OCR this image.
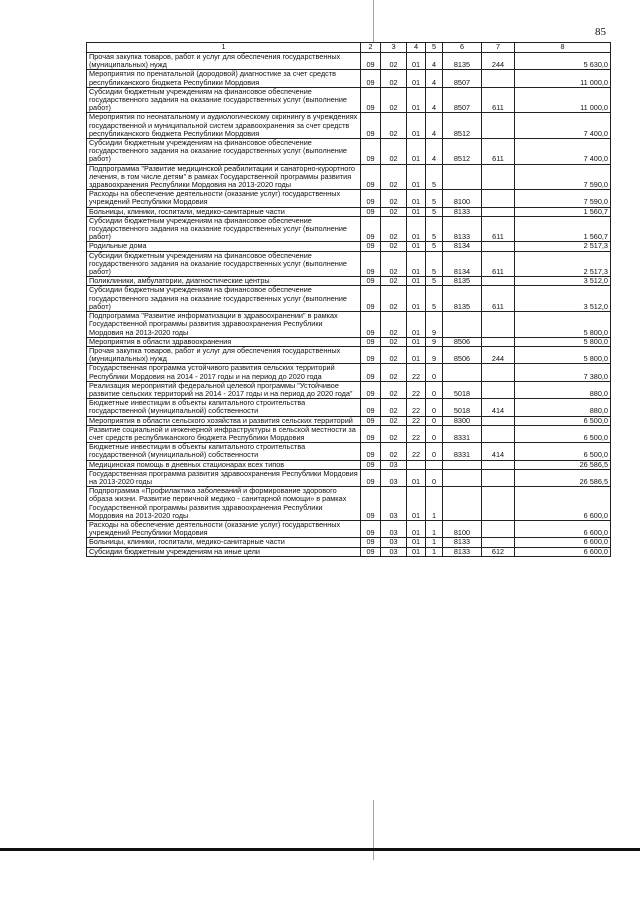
85
1	2	3	4	5	6	7	8
Прочая закупка товаров, работ и услуг для обеспечения государственных (муниципальных) нужд	09	02	01	4	8135	244	5 630,0
Мероприятия по пренатальной (дородовой) диагностике за счет средств республиканского бюджета Республики Мордовия	09	02	01	4	8507		11 000,0
Субсидии бюджетным учреждениям на финансовое обеспечение государственного задания на оказание государственных услуг (выполнение работ)	09	02	01	4	8507	611	11 000,0
Мероприятия по неонатальному и аудиологическому скринингу в учреждениях государственной и муниципальной систем здравоохранения за счет средств республиканского бюджета Республики Мордовия	09	02	01	4	8512		7 400,0
Субсидии бюджетным учреждениям на финансовое обеспечение государственного задания на оказание государственных услуг (выполнение работ)	09	02	01	4	8512	611	7 400,0
Подпрограмма "Развитие медицинской реабилитации и санаторно-курортного лечения, в том числе детям" в рамках Государственной программы развития здравоохранения Республики Мордовия на 2013-2020 годы	09	02	01	5			7 590,0
Расходы на обеспечение деятельности (оказание услуг) государственных учреждений Республики Мордовия	09	02	01	5	8100		7 590,0
Больницы, клиники, госпитали, медико-санитарные части	09	02	01	5	8133		1 560,7
Субсидии бюджетным учреждениям на финансовое обеспечение государственного задания на оказание государственных услуг (выполнение работ)	09	02	01	5	8133	611	1 560,7
Родильные дома	09	02	01	5	8134		2 517,3
Субсидии бюджетным учреждениям на финансовое обеспечение государственного задания на оказание государственных услуг (выполнение работ)	09	02	01	5	8134	611	2 517,3
Поликлиники, амбулатории, диагностические центры	09	02	01	5	8135		3 512,0
Субсидии бюджетным учреждениям на финансовое обеспечение государственного задания на оказание государственных услуг (выполнение работ)	09	02	01	5	8135	611	3 512,0
Подпрограмма "Развитие информатизации в здравоохранении" в рамках Государственной программы развития здравоохранения Республики Мордовия на 2013-2020 годы	09	02	01	9			5 800,0
Мероприятия в области здравоохранения	09	02	01	9	8506		5 800,0
Прочая закупка товаров, работ и услуг для обеспечения государственных (муниципальных) нужд	09	02	01	9	8506	244	5 800,0
Государственная программа устойчивого развития сельских территорий Республики Мордовия на 2014 - 2017 годы и на период до 2020 года	09	02	22	0			7 380,0
Реализация мероприятий федеральной целевой программы "Устойчивое развитие сельских территорий на 2014 - 2017 годы и на период до 2020 года"	09	02	22	0	5018		880,0
Бюджетные инвестиции в объекты капитального строительства государственной (муниципальной) собственности	09	02	22	0	5018	414	880,0
Мероприятия в области сельского хозяйства и развития сельских территорий	09	02	22	0	8300		6 500,0
Развитие социальной и инженерной инфраструктуры в сельской местности за счет средств республиканского бюджета Республики Мордовия	09	02	22	0	8331		6 500,0
Бюджетные инвестиции в объекты капитального строительства государственной (муниципальной) собственности	09	02	22	0	8331	414	6 500,0
Медицинская помощь в дневных стационарах всех типов	09	03					26 586,5
Государственная программа развития здравоохранения Республики Мордовия на 2013-2020 годы	09	03	01	0			26 586,5
Подпрограмма «Профилактика заболеваний и формирование здорового образа жизни. Развитие первичной медико - санитарной помощи» в рамках Государственной программы развития здравоохранения Республики Мордовия на 2013-2020 годы	09	03	01	1			6 600,0
Расходы на обеспечение деятельности (оказание услуг) государственных учреждений Республики Мордовия	09	03	01	1	8100		6 600,0
Больницы, клиники, госпитали, медико-санитарные части	09	03	01	1	8133		6 600,0
Субсидии бюджетным учреждениям на иные цели	09	03	01	1	8133	612	6 600,0
